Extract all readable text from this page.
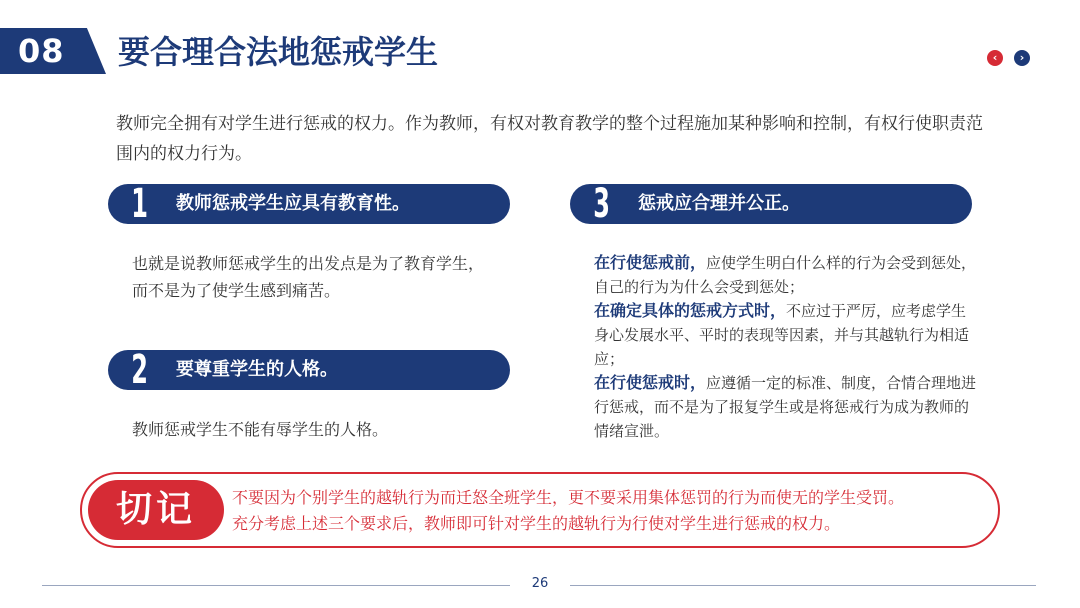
08	要合理合法地惩戒学生	‹	›
教师完全拥有对学生进行惩戒的权力。作为教师，有权对教育教学的整个过程施加某种影响和控制，有权行使职责范围内的权力行为。
1 教师惩戒学生应具有教育性。
也就是说教师惩戒学生的出发点是为了教育学生，
而不是为了使学生感到痛苦。
2 要尊重学生的人格。
教师惩戒学生不能有辱学生的人格。
3 惩戒应合理并公正。
在行使惩戒前，应使学生明白什么样的行为会受到惩处，自己的行为为什么会受到惩处；
在确定具体的惩戒方式时，不应过于严厉，应考虑学生身心发展水平、平时的表现等因素，并与其越轨行为相适应；
在行使惩戒时，应遵循一定的标准、制度，合情合理地进行惩戒，而不是为了报复学生或是将惩戒行为成为教师的情绪宣泄。
切记	不要因为个别学生的越轨行为而迁怒全班学生，更不要采用集体惩罚的行为而使无的学生受罚。
充分考虑上述三个要求后，教师即可针对学生的越轨行为行使对学生进行惩戒的权力。
26
